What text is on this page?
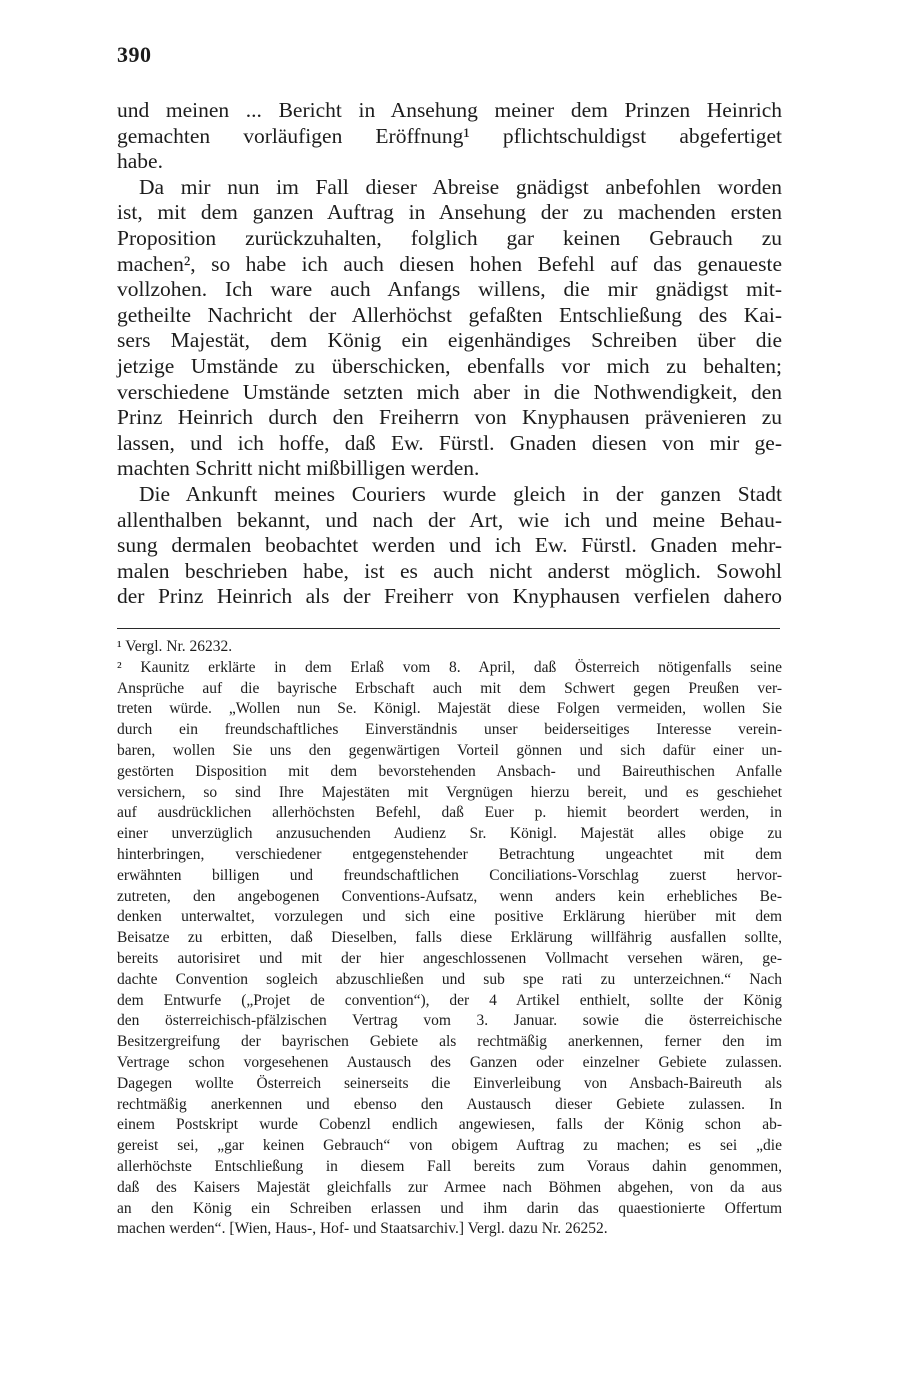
390
und meinen ... Bericht in Ansehung meiner dem Prinzen Heinrich
gemachten vorläufigen Eröffnung¹ pflichtschuldigst abgefertiget
habe.
Da mir nun im Fall dieser Abreise gnädigst anbefohlen worden
ist, mit dem ganzen Auftrag in Ansehung der zu machenden ersten
Proposition zurückzuhalten, folglich gar keinen Gebrauch zu
machen², so habe ich auch diesen hohen Befehl auf das genaueste
vollzohen. Ich ware auch Anfangs willens, die mir gnädigst mit-
getheilte Nachricht der Allerhöchst gefaßten Entschließung des Kai-
sers Majestät, dem König ein eigenhändiges Schreiben über die
jetzige Umstände zu überschicken, ebenfalls vor mich zu behalten;
verschiedene Umstände setzten mich aber in die Nothwendigkeit, den
Prinz Heinrich durch den Freiherrn von Knyphausen prävenieren zu
lassen, und ich hoffe, daß Ew. Fürstl. Gnaden diesen von mir ge-
machten Schritt nicht mißbilligen werden.
Die Ankunft meines Couriers wurde gleich in der ganzen Stadt
allenthalben bekannt, und nach der Art, wie ich und meine Behau-
sung dermalen beobachtet werden und ich Ew. Fürstl. Gnaden mehr-
malen beschrieben habe, ist es auch nicht anderst möglich. Sowohl
der Prinz Heinrich als der Freiherr von Knyphausen verfielen dahero
¹ Vergl. Nr. 26232.
² Kaunitz erklärte in dem Erlaß vom 8. April, daß Österreich nötigenfalls seine
Ansprüche auf die bayrische Erbschaft auch mit dem Schwert gegen Preußen ver-
treten würde. „Wollen nun Se. Königl. Majestät diese Folgen vermeiden, wollen Sie
durch ein freundschaftliches Einverständnis unser beiderseitiges Interesse verein-
baren, wollen Sie uns den gegenwärtigen Vorteil gönnen und sich dafür einer un-
gestörten Disposition mit dem bevorstehenden Ansbach- und Baireuthischen Anfalle
versichern, so sind Ihre Majestäten mit Vergnügen hierzu bereit, und es geschiehet
auf ausdrücklichen allerhöchsten Befehl, daß Euer p. hiemit beordert werden, in
einer unverzüglich anzusuchenden Audienz Sr. Königl. Majestät alles obige zu
hinterbringen, verschiedener entgegenstehender Betrachtung ungeachtet mit dem
erwähnten billigen und freundschaftlichen Conciliations-Vorschlag zuerst hervor-
zutreten, den angebogenen Conventions-Aufsatz, wenn anders kein erhebliches Be-
denken unterwaltet, vorzulegen und sich eine positive Erklärung hierüber mit dem
Beisatze zu erbitten, daß Dieselben, falls diese Erklärung willfährig ausfallen sollte,
bereits autorisiret und mit der hier angeschlossenen Vollmacht versehen wären, ge-
dachte Convention sogleich abzuschließen und sub spe rati zu unterzeichnen.“ Nach
dem Entwurfe („Projet de convention“), der 4 Artikel enthielt, sollte der König
den österreichisch-pfälzischen Vertrag vom 3. Januar. sowie die österreichische
Besitzergreifung der bayrischen Gebiete als rechtmäßig anerkennen, ferner den im
Vertrage schon vorgesehenen Austausch des Ganzen oder einzelner Gebiete zulassen.
Dagegen wollte Österreich seinerseits die Einverleibung von Ansbach-Baireuth als
rechtmäßig anerkennen und ebenso den Austausch dieser Gebiete zulassen. In
einem Postskript wurde Cobenzl endlich angewiesen, falls der König schon ab-
gereist sei, „gar keinen Gebrauch“ von obigem Auftrag zu machen; es sei „die
allerhöchste Entschließung in diesem Fall bereits zum Voraus dahin genommen,
daß des Kaisers Majestät gleichfalls zur Armee nach Böhmen abgehen, von da aus
an den König ein Schreiben erlassen und ihm darin das quaestionierte Offertum
machen werden“. [Wien, Haus-, Hof- und Staatsarchiv.] Vergl. dazu Nr. 26252.
